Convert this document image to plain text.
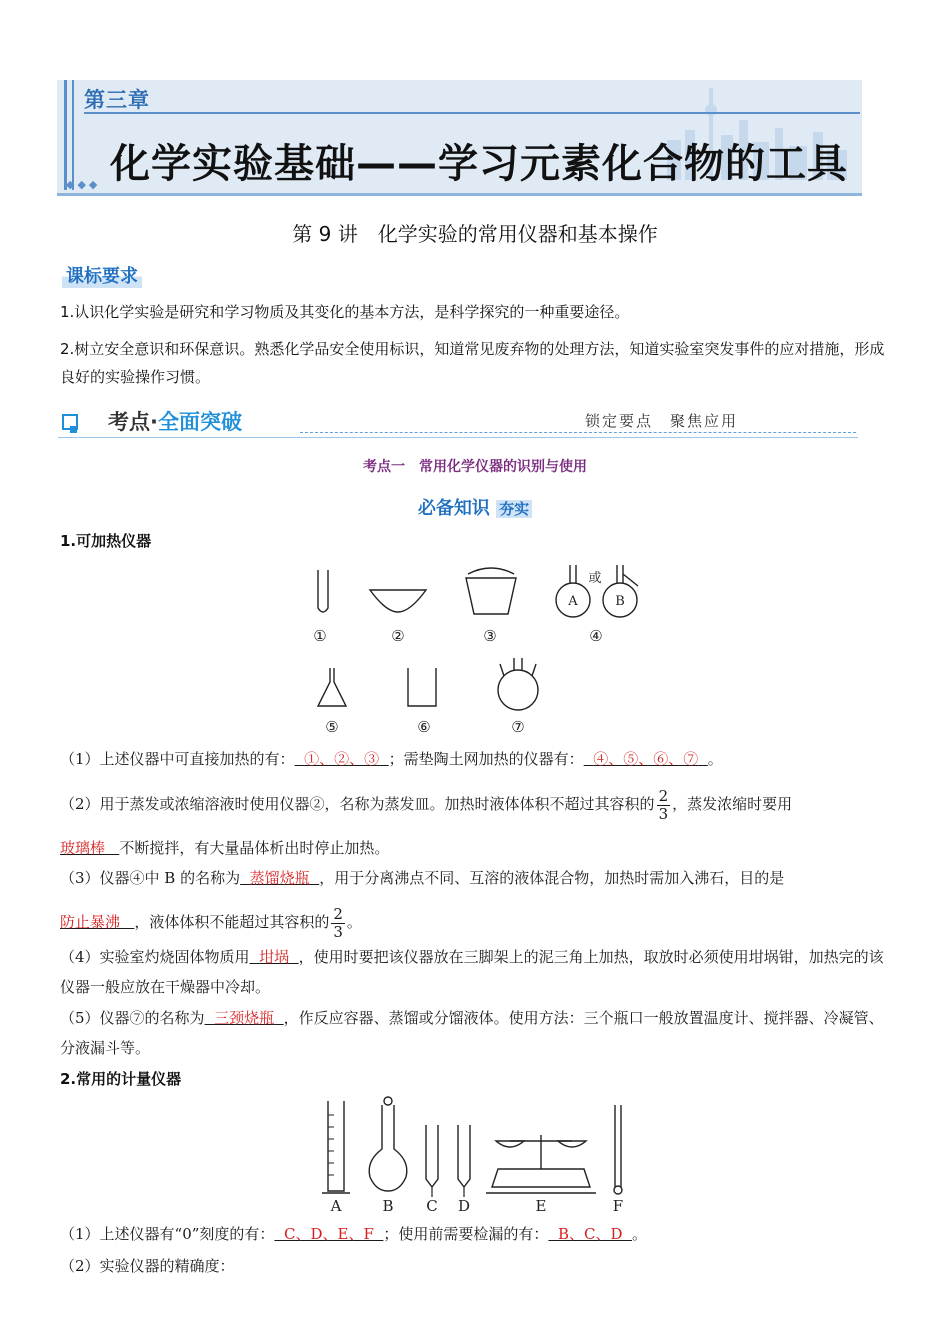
第三章
化学实验基础——学习元素化合物的工具
◆◆◆
第 9 讲　化学实验的常用仪器和基本操作
课标要求
1.认识化学实验是研究和学习物质及其变化的基本方法，是科学探究的一种重要途径。
2.树立安全意识和环保意识。熟悉化学品安全使用标识，知道常见废弃物的处理方法，知道实验室突发事件的应对措施，形成良好的实验操作习惯。
考点·全面突破	锁定要点　聚焦应用
考点一　常用化学仪器的识别与使用
必备知识 夯实
1.可加热仪器
①	②	③	④
⑤	⑥	⑦
或
A	B
（1）上述仪器中可直接加热的有： ①、②、③ ；需垫陶土网加热的仪器有： ④、⑤、⑥、⑦ 。
（2）用于蒸发或浓缩溶液时使用仪器②，名称为蒸发皿。加热时液体体积不超过其容积的 $\frac{2}{3}$ ，蒸发浓缩时要用
玻璃棒 不断搅拌，有大量晶体析出时停止加热。
（3）仪器④中 B 的名称为 蒸馏烧瓶 ，用于分离沸点不同、互溶的液体混合物，加热时需加入沸石，目的是
防止暴沸 ，液体体积不能超过其容积的 $\frac{2}{3}$ 。
（4）实验室灼烧固体物质用 坩埚 ，使用时要把该仪器放在三脚架上的泥三角上加热，取放时必须使用坩埚钳，加热完的该仪器一般应放在干燥器中冷却。
（5）仪器⑦的名称为 三颈烧瓶 ，作反应容器、蒸馏或分馏液体。使用方法：三个瓶口一般放置温度计、搅拌器、冷凝管、分液漏斗等。
2.常用的计量仪器
A	B C D	E	F
（1）上述仪器有“0”刻度的有： C、D、E、F ；使用前需要检漏的有： B、C、D 。
（2）实验仪器的精确度：
